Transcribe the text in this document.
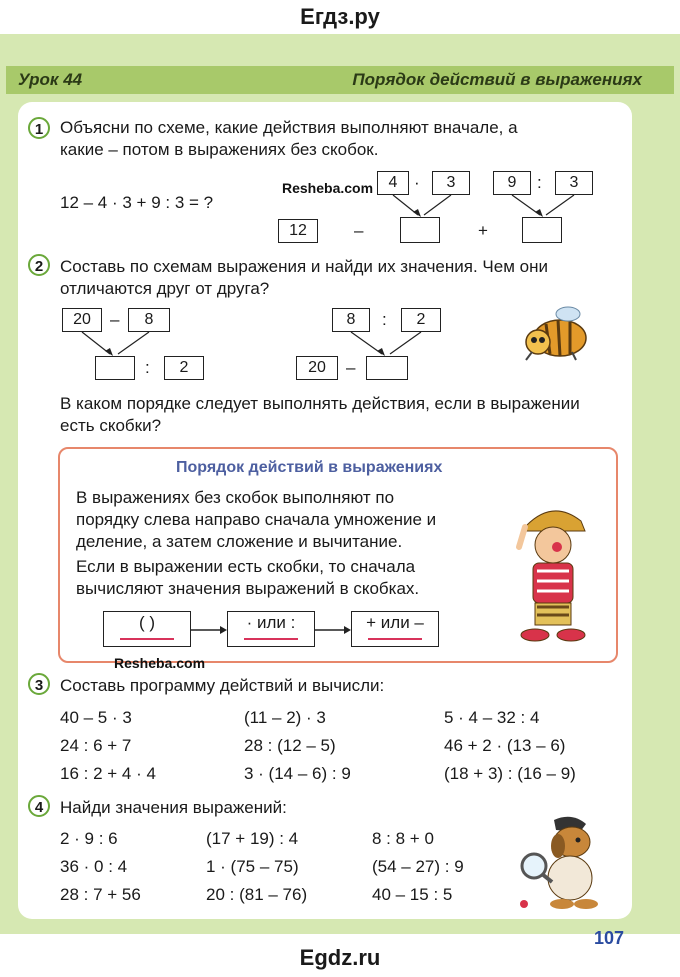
Егдз.ру
Урок 44	Порядок действий в выражениях
1 Объясни по схеме, какие действия выполняют вначале, а
какие – потом в выражениях без скобок.
12 – 4 · 3 + 9 : 3 = ?
Resheba.com 4 ·	3	9	:	3
12	–	+
2 Составь по схемам выражения и найди их значения. Чем они
отличаются друг от друга?
20	–	8
:	2
8	:	2
20	–
В каком порядке следует выполнять действия, если в выражении
есть скобки?
Порядок действий в выражениях
В выражениях без скобок выполняют по
порядку слева направо сначала умножение и
деление, а затем сложение и вычитание.
Если в выражении есть скобки, то сначала
вычисляют значения выражений в скобках.
( )	· или :	+ или –
Resheba.com
3 Составь программу действий и вычисли:
40 – 5 · 3	(11 – 2) · 3	5 · 4 – 32 : 4
24 : 6 + 7	28 : (12 – 5)	46 + 2 · (13 – 6)
16 : 2 + 4 · 4	3 · (14 – 6) : 9	(18 + 3) : (16 – 9)
4 Найди значения выражений:
2 · 9 : 6	(17 + 19) : 4	8 : 8 + 0
36 · 0 : 4	1 · (75 – 75)	(54 – 27) : 9
28 : 7 + 56	20 : (81 – 76)	40 – 15 : 5
107
Egdz.ru
